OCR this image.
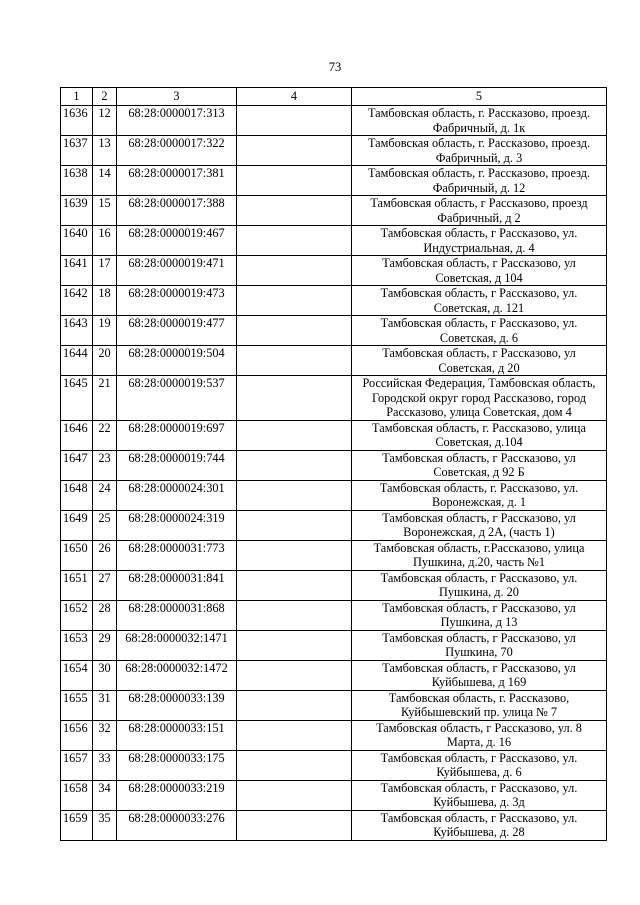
73
1	2	3	4	5
1636	12	68:28:0000017:313		Тамбовская область, г. Рассказово, проезд.
Фабричный, д. 1к

1637	13	68:28:0000017:322		Тамбовская область, г. Рассказово, проезд.
Фабричный, д. 3

1638	14	68:28:0000017:381		Тамбовская область, г. Рассказово, проезд.
Фабричный, д. 12

1639	15	68:28:0000017:388		Тамбовская область, г Рассказово, проезд
Фабричный, д 2

1640	16	68:28:0000019:467		Тамбовская область, г Рассказово, ул.
Индустриальная, д. 4

1641	17	68:28:0000019:471		Тамбовская область, г Рассказово, ул
Советская, д 104

1642	18	68:28:0000019:473		Тамбовская область, г Рассказово, ул.
Советская, д. 121

1643	19	68:28:0000019:477		Тамбовская область, г Рассказово, ул.
Советская, д. 6

1644	20	68:28:0000019:504		Тамбовская область, г Рассказово, ул
Советская, д 20

1645	21	68:28:0000019:537		Российская Федерация, Тамбовская область,
Городской округ город Рассказово, город
Рассказово, улица Советская, дом 4

1646	22	68:28:0000019:697		Тамбовская область, г. Рассказово, улица
Советская, д.104

1647	23	68:28:0000019:744		Тамбовская область, г Рассказово, ул
Советская, д 92 Б

1648	24	68:28:0000024:301		Тамбовская область, г. Рассказово, ул.
Воронежская, д. 1

1649	25	68:28:0000024:319		Тамбовская область, г Рассказово, ул
Воронежская, д 2А, (часть 1)

1650	26	68:28:0000031:773		Тамбовская область, г.Рассказово, улица
Пушкина, д.20, часть №1

1651	27	68:28:0000031:841		Тамбовская область, г Рассказово, ул.
Пушкина, д. 20

1652	28	68:28:0000031:868		Тамбовская область, г Рассказово, ул
Пушкина, д 13

1653	29	68:28:0000032:1471		Тамбовская область, г Рассказово, ул
Пушкина, 70

1654	30	68:28:0000032:1472		Тамбовская область, г Рассказово, ул
Куйбышева, д 169

1655	31	68:28:0000033:139		Тамбовская область, г. Рассказово,
Куйбышевский пр. улица № 7

1656	32	68:28:0000033:151		Тамбовская область, г Рассказово, ул. 8
Марта, д. 16

1657	33	68:28:0000033:175		Тамбовская область, г Рассказово, ул.
Куйбышева, д. 6

1658	34	68:28:0000033:219		Тамбовская область, г Рассказово, ул.
Куйбышева, д. 3д

1659	35	68:28:0000033:276		Тамбовская область, г Рассказово, ул.
Куйбышева, д. 28
